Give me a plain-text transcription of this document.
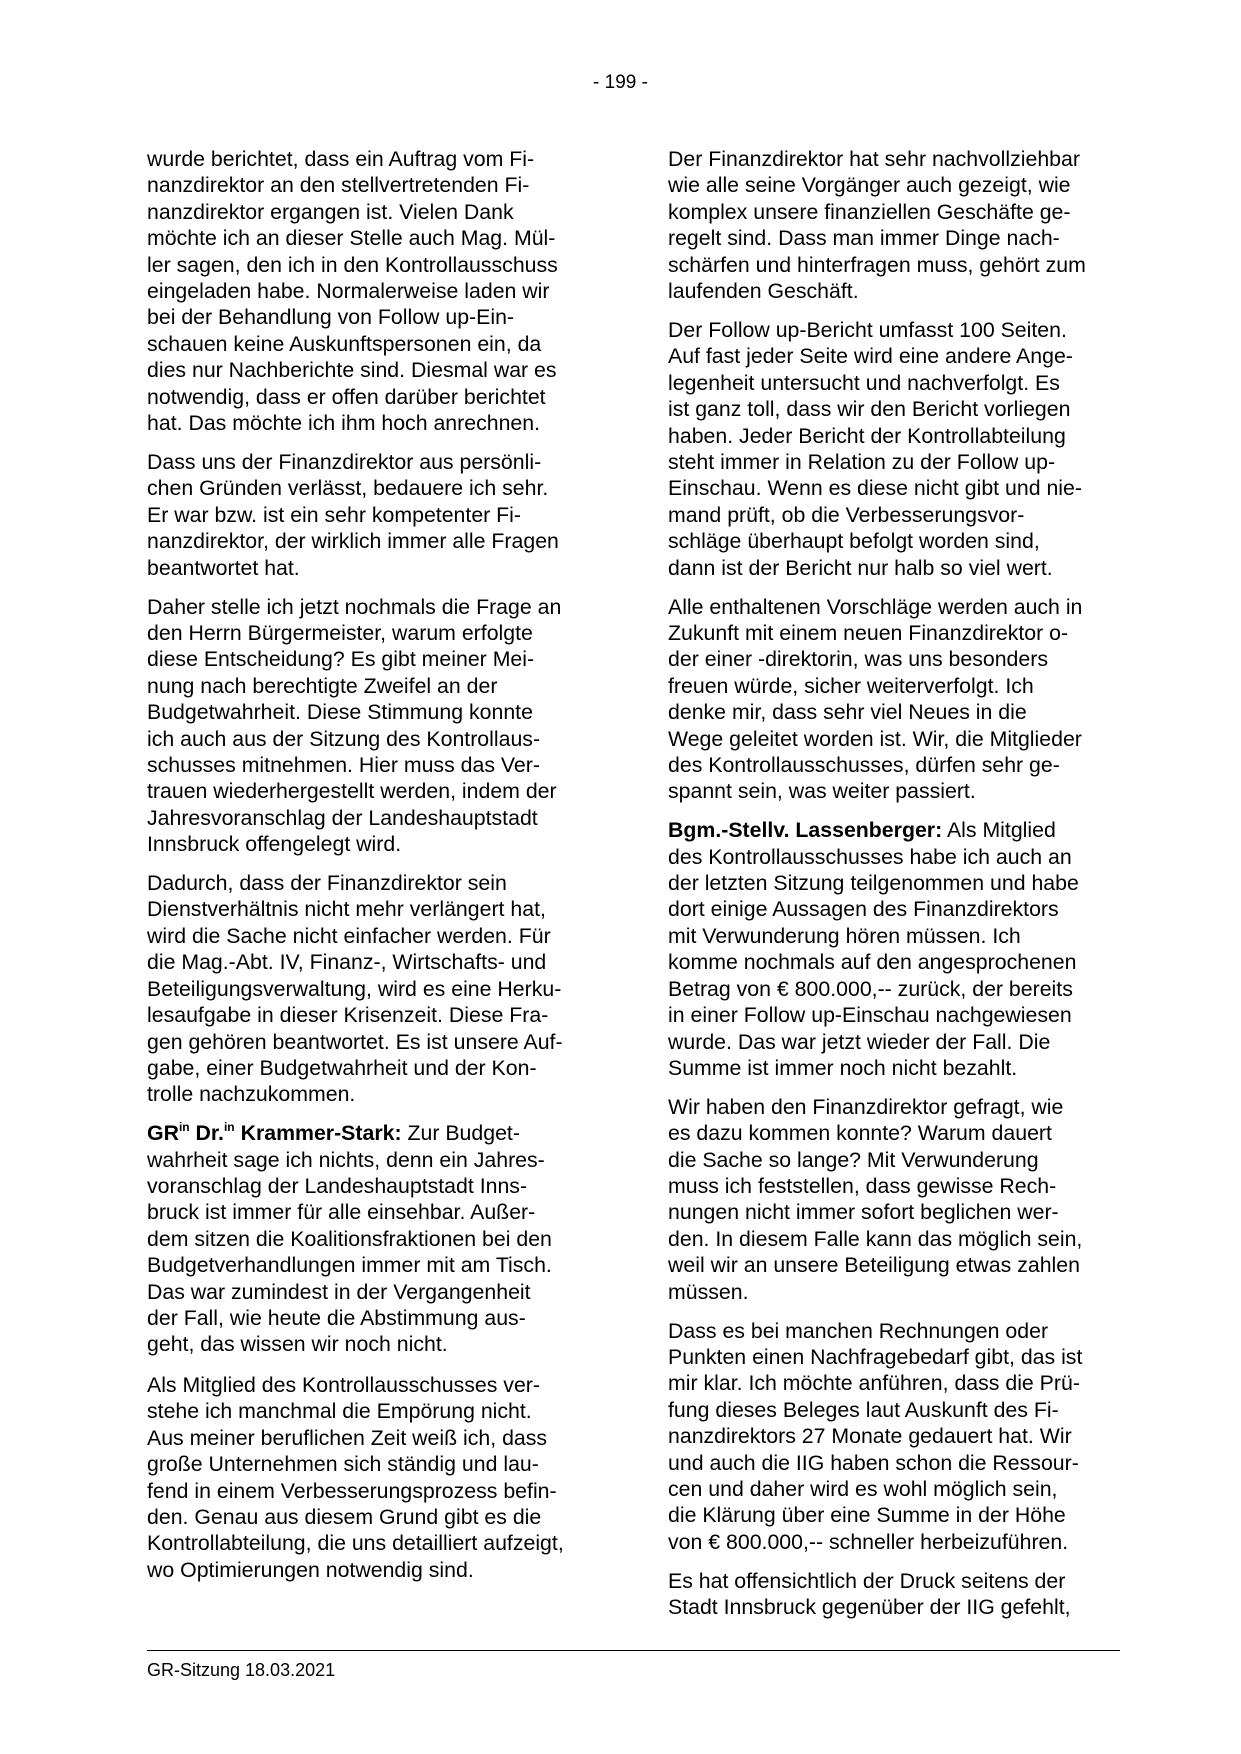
- 199 -
wurde berichtet, dass ein Auftrag vom Fi-
nanzdirektor an den stellvertretenden Fi-
nanzdirektor ergangen ist. Vielen Dank
möchte ich an dieser Stelle auch Mag. Mül-
ler sagen, den ich in den Kontrollausschuss
eingeladen habe. Normalerweise laden wir
bei der Behandlung von Follow up-Ein-
schauen keine Auskunftspersonen ein, da
dies nur Nachberichte sind. Diesmal war es
notwendig, dass er offen darüber berichtet
hat. Das möchte ich ihm hoch anrechnen.
Dass uns der Finanzdirektor aus persönli-
chen Gründen verlässt, bedauere ich sehr.
Er war bzw. ist ein sehr kompetenter Fi-
nanzdirektor, der wirklich immer alle Fragen
beantwortet hat.
Daher stelle ich jetzt nochmals die Frage an
den Herrn Bürgermeister, warum erfolgte
diese Entscheidung? Es gibt meiner Mei-
nung nach berechtigte Zweifel an der
Budgetwahrheit. Diese Stimmung konnte
ich auch aus der Sitzung des Kontrollaus-
schusses mitnehmen. Hier muss das Ver-
trauen wiederhergestellt werden, indem der
Jahresvoranschlag der Landeshauptstadt
Innsbruck offengelegt wird.
Dadurch, dass der Finanzdirektor sein
Dienstverhältnis nicht mehr verlängert hat,
wird die Sache nicht einfacher werden. Für
die Mag.-Abt. IV, Finanz-, Wirtschafts- und
Beteiligungsverwaltung, wird es eine Herku-
lesaufgabe in dieser Krisenzeit. Diese Fra-
gen gehören beantwortet. Es ist unsere Auf-
gabe, einer Budgetwahrheit und der Kon-
trolle nachzukommen.
$GR^{in}$ Dr.$^{in}$ Krammer-Stark: Zur Budget-
wahrheit sage ich nichts, denn ein Jahres-
voranschlag der Landeshauptstadt Inns-
bruck ist immer für alle einsehbar. Außer-
dem sitzen die Koalitionsfraktionen bei den
Budgetverhandlungen immer mit am Tisch.
Das war zumindest in der Vergangenheit
der Fall, wie heute die Abstimmung aus-
geht, das wissen wir noch nicht.
Als Mitglied des Kontrollausschusses ver-
stehe ich manchmal die Empörung nicht.
Aus meiner beruflichen Zeit weiß ich, dass
große Unternehmen sich ständig und lau-
fend in einem Verbesserungsprozess befin-
den. Genau aus diesem Grund gibt es die
Kontrollabteilung, die uns detailliert aufzeigt,
wo Optimierungen notwendig sind.
Der Finanzdirektor hat sehr nachvollziehbar
wie alle seine Vorgänger auch gezeigt, wie
komplex unsere finanziellen Geschäfte ge-
regelt sind. Dass man immer Dinge nach-
schärfen und hinterfragen muss, gehört zum
laufenden Geschäft.
Der Follow up-Bericht umfasst 100 Seiten.
Auf fast jeder Seite wird eine andere Ange-
legenheit untersucht und nachverfolgt. Es
ist ganz toll, dass wir den Bericht vorliegen
haben. Jeder Bericht der Kontrollabteilung
steht immer in Relation zu der Follow up-
Einschau. Wenn es diese nicht gibt und nie-
mand prüft, ob die Verbesserungsvor-
schläge überhaupt befolgt worden sind,
dann ist der Bericht nur halb so viel wert.
Alle enthaltenen Vorschläge werden auch in
Zukunft mit einem neuen Finanzdirektor o-
der einer -direktorin, was uns besonders
freuen würde, sicher weiterverfolgt. Ich
denke mir, dass sehr viel Neues in die
Wege geleitet worden ist. Wir, die Mitglieder
des Kontrollausschusses, dürfen sehr ge-
spannt sein, was weiter passiert.
Bgm.-Stellv. Lassenberger: Als Mitglied
des Kontrollausschusses habe ich auch an
der letzten Sitzung teilgenommen und habe
dort einige Aussagen des Finanzdirektors
mit Verwunderung hören müssen. Ich
komme nochmals auf den angesprochenen
Betrag von € 800.000,-- zurück, der bereits
in einer Follow up-Einschau nachgewiesen
wurde. Das war jetzt wieder der Fall. Die
Summe ist immer noch nicht bezahlt.
Wir haben den Finanzdirektor gefragt, wie
es dazu kommen konnte? Warum dauert
die Sache so lange? Mit Verwunderung
muss ich feststellen, dass gewisse Rech-
nungen nicht immer sofort beglichen wer-
den. In diesem Falle kann das möglich sein,
weil wir an unsere Beteiligung etwas zahlen
müssen.
Dass es bei manchen Rechnungen oder
Punkten einen Nachfragebedarf gibt, das ist
mir klar. Ich möchte anführen, dass die Prü-
fung dieses Beleges laut Auskunft des Fi-
nanzdirektors 27 Monate gedauert hat. Wir
und auch die IIG haben schon die Ressour-
cen und daher wird es wohl möglich sein,
die Klärung über eine Summe in der Höhe
von € 800.000,-- schneller herbeizuführen.
Es hat offensichtlich der Druck seitens der
Stadt Innsbruck gegenüber der IIG gefehlt,
GR-Sitzung 18.03.2021
